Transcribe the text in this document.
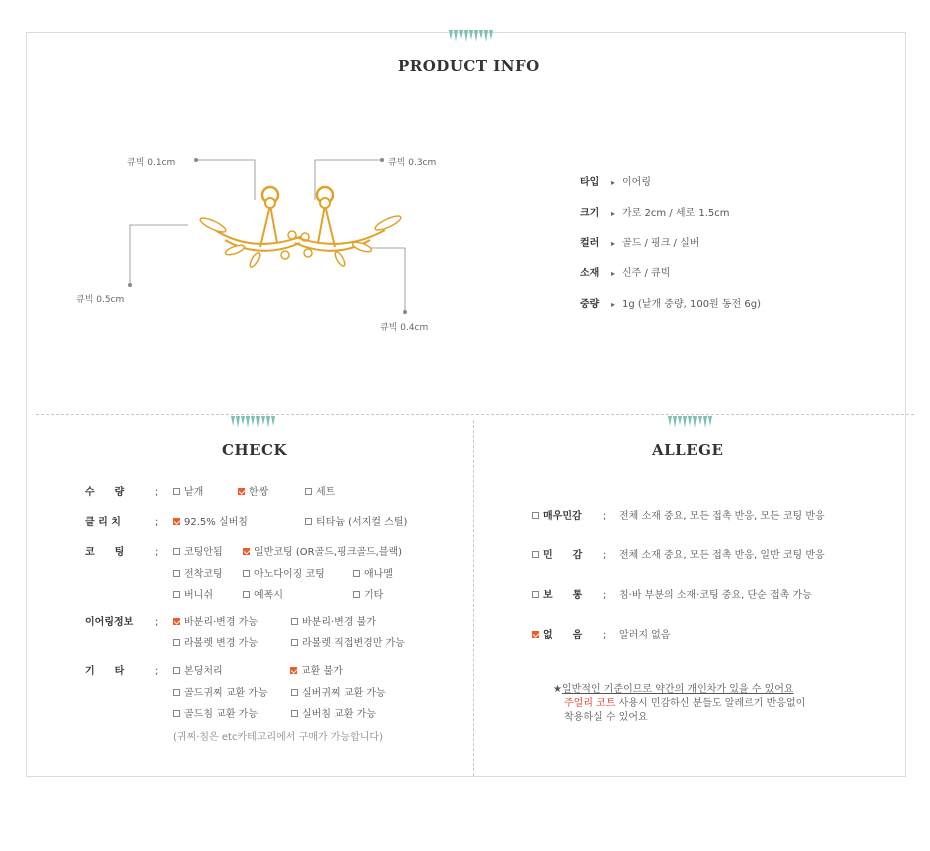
PRODUCT INFO
큐빅 0.1cm	큐빅 0.3cm
큐빅 0.5cm
큐빅 0.4cm
타입 ▸ 이어링
크기 ▸ 가로 2cm / 세로 1.5cm
컬러 ▸ 골드 / 핑크 / 실버
소재 ▸ 신주 / 큐빅
중량 ▸ 1g (낱개 중량, 100원 동전 6g)
CHECK
수　　량	;	낱개	한쌍	세트
클 리 치	;	92.5% 실버침	티타늄 (서지컬 스틸)
코　　팅	;	코팅안됨	일반코팅 (OR골드,핑크골드,블랙)
전착코팅	아노다이징 코팅	애나멜
버니쉬	예폭시	기타
이어링정보 ;	바분리·변경 가능	바분리·변경 불가
라볼렛 변경 가능	라볼렛 직접변경만 가능
기　　타	;	본딩처리	교환 불가
골드귀찌 교환 가능	실버귀찌 교환 가능
골드침 교환 가능	실버침 교환 가능
(귀찌·침은 etc카테고리에서 구매가 가능합니다)
ALLEGE
매우민감 ; 전체 소재 중요, 모든 접촉 반응, 모든 코팅 반응
민　　감 ; 전체 소재 중요, 모든 접촉 반응, 일반 코팅 반응
보　　통 ; 침·바 부분의 소재·코팅 중요, 단순 접촉 가능
없　　음 ; 알러지 없음
★일반적인 기준이므로 약간의 개인차가 있을 수 있어요
주얼리 코트 사용시 민감하신 분들도 알레르기 반응없이
착용하실 수 있어요
